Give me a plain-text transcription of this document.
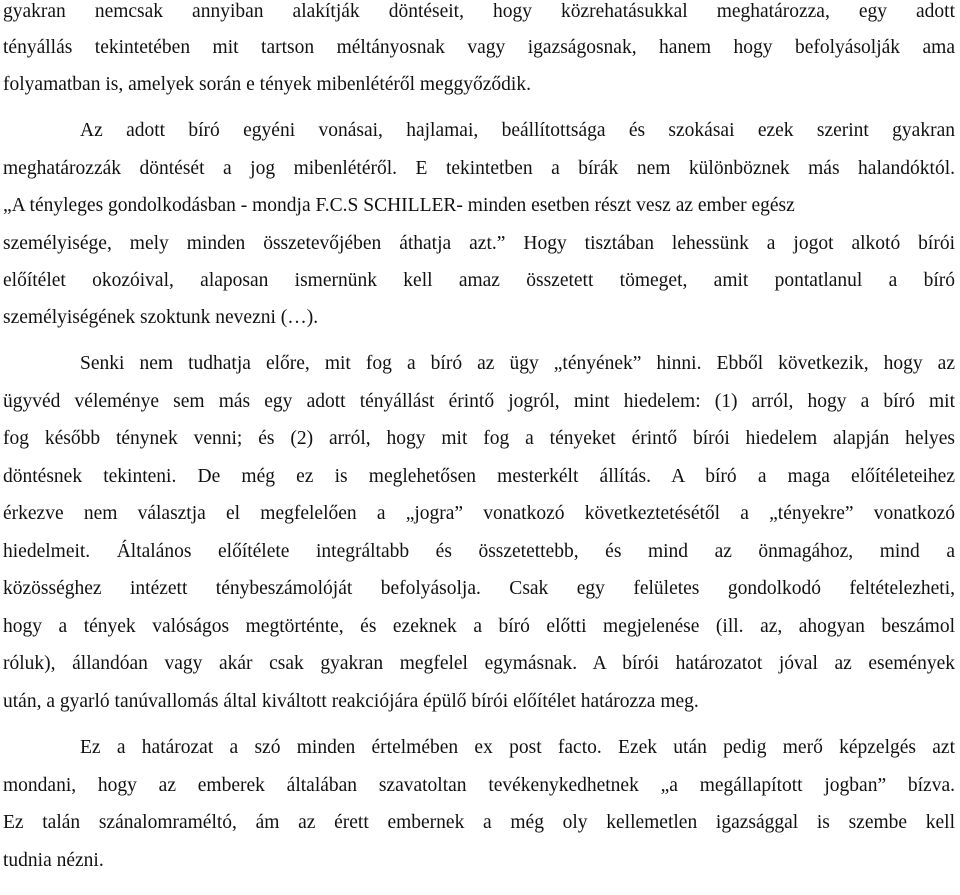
gyakran nemcsak annyiban alakítják döntéseit, hogy közrehatásukkal meghatározza, egy adott
tényállás tekintetében mit tartson méltányosnak vagy igazságosnak, hanem hogy befolyásolják ama
folyamatban is, amelyek során e tények mibenlétéről meggyőződik.
Az adott bíró egyéni vonásai, hajlamai, beállítottsága és szokásai ezek szerint gyakran
meghatározzák döntését a jog mibenlétéről. E tekintetben a bírák nem különböznek más halandóktól.
„A tényleges gondolkodásban - mondja F.C.S SCHILLER- minden esetben részt vesz az ember egész
személyisége, mely minden összetevőjében áthatja azt.” Hogy tisztában lehessünk a jogot alkotó bírói
előítélet okozóival, alaposan ismernünk kell amaz összetett tömeget, amit pontatlanul a bíró
személyiségének szoktunk nevezni (…).
Senki nem tudhatja előre, mit fog a bíró az ügy „tényének” hinni. Ebből következik, hogy az
ügyvéd véleménye sem más egy adott tényállást érintő jogról, mint hiedelem: (1) arról, hogy a bíró mit
fog később ténynek venni; és (2) arról, hogy mit fog a tényeket érintő bírói hiedelem alapján helyes
döntésnek tekinteni. De még ez is meglehetősen mesterkélt állítás. A bíró a maga előítéleteihez
érkezve nem választja el megfelelően a „jogra” vonatkozó következtetésétől a „tényekre” vonatkozó
hiedelmeit. Általános előítélete integráltabb és összetettebb, és mind az önmagához, mind a
közösséghez intézett ténybeszámolóját befolyásolja. Csak egy felületes gondolkodó feltételezheti,
hogy a tények valóságos megtörténte, és ezeknek a bíró előtti megjelenése (ill. az, ahogyan beszámol
róluk), állandóan vagy akár csak gyakran megfelel egymásnak. A bírói határozatot jóval az események
után, a gyarló tanúvallomás által kiváltott reakciójára épülő bírói előítélet határozza meg.
Ez a határozat a szó minden értelmében ex post facto. Ezek után pedig merő képzelgés azt
mondani, hogy az emberek általában szavatoltan tevékenykedhetnek „a megállapított jogban” bízva.
Ez talán szánalomraméltó, ám az érett embernek a még oly kellemetlen igazsággal is szembe kell
tudnia nézni.
